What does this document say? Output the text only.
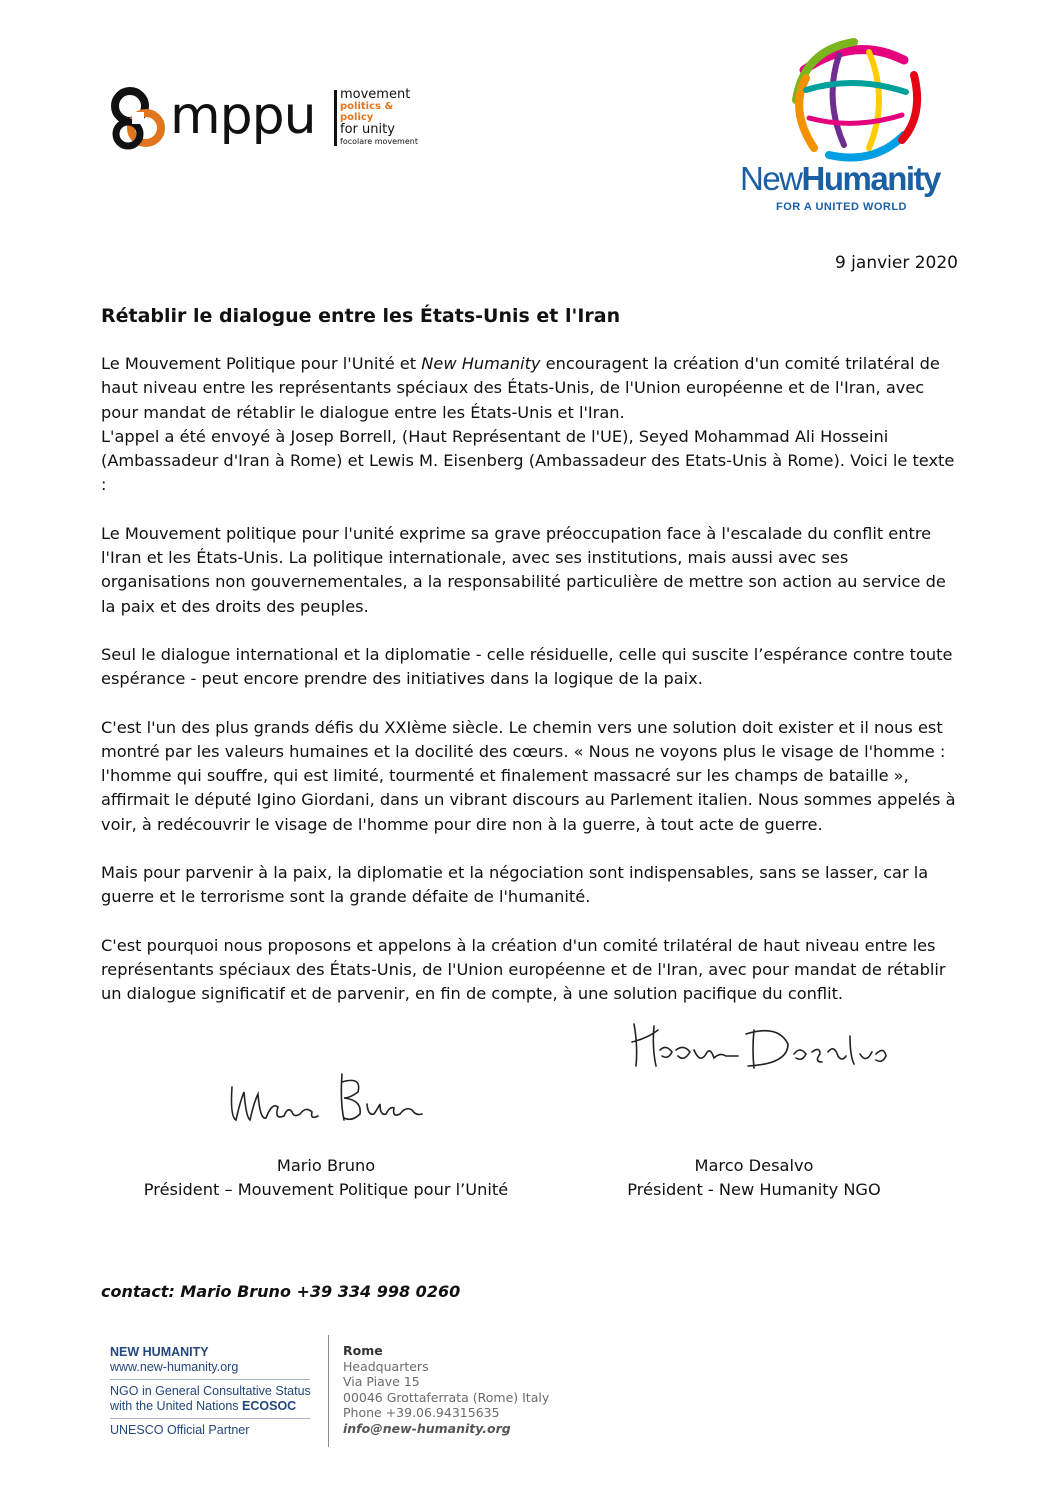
mppu movement
politics & policy
for unity
focolare movement
NewHumanity
FOR A UNITED WORLD
9 janvier 2020
Rétablir le dialogue entre les États-Unis et l'Iran

Le Mouvement Politique pour l'Unité et New Humanity encouragent la création d'un comité trilatéral de haut niveau entre les représentants spéciaux des États-Unis, de l'Union européenne et de l'Iran, avec pour mandat de rétablir le dialogue entre les États-Unis et l'Iran.

L'appel a été envoyé à Josep Borrell, (Haut Représentant de l'UE), Seyed Mohammad Ali Hosseini (Ambassadeur d'Iran à Rome) et Lewis M. Eisenberg (Ambassadeur des Etats-Unis à Rome). Voici le texte :

Le Mouvement politique pour l'unité exprime sa grave préoccupation face à l'escalade du conflit entre l'Iran et les États-Unis. La politique internationale, avec ses institutions, mais aussi avec ses organisations non gouvernementales, a la responsabilité particulière de mettre son action au service de la paix et des droits des peuples.

Seul le dialogue international et la diplomatie - celle résiduelle, celle qui suscite l’espérance contre toute espérance - peut encore prendre des initiatives dans la logique de la paix.

C'est l'un des plus grands défis du XXIème siècle. Le chemin vers une solution doit exister et il nous est montré par les valeurs humaines et la docilité des cœurs. « Nous ne voyons plus le visage de l'homme : l'homme qui souffre, qui est limité, tourmenté et finalement massacré sur les champs de bataille », affirmait le député Igino Giordani, dans un vibrant discours au Parlement italien. Nous sommes appelés à voir, à redécouvrir le visage de l'homme pour dire non à la guerre, à tout acte de guerre.

Mais pour parvenir à la paix, la diplomatie et la négociation sont indispensables, sans se lasser, car la guerre et le terrorisme sont la grande défaite de l'humanité.

C'est pourquoi nous proposons et appelons à la création d'un comité trilatéral de haut niveau entre les représentants spéciaux des États-Unis, de l'Union européenne et de l'Iran, avec pour mandat de rétablir un dialogue significatif et de parvenir, en fin de compte, à une solution pacifique du conflit.

Mario Bruno
Président – Mouvement Politique pour l’Unité
Marco Desalvo
Président - New Humanity NGO
contact: Mario Bruno +39 334 998 0260
NEW HUMANITY
www.new-humanity.org
NGO in General Consultative Status
with the United Nations ECOSOC
UNESCO Official Partner
Rome
Headquarters
Via Piave 15
00046 Grottaferrata (Rome) Italy
Phone +39.06.94315635
info@new-humanity.org
